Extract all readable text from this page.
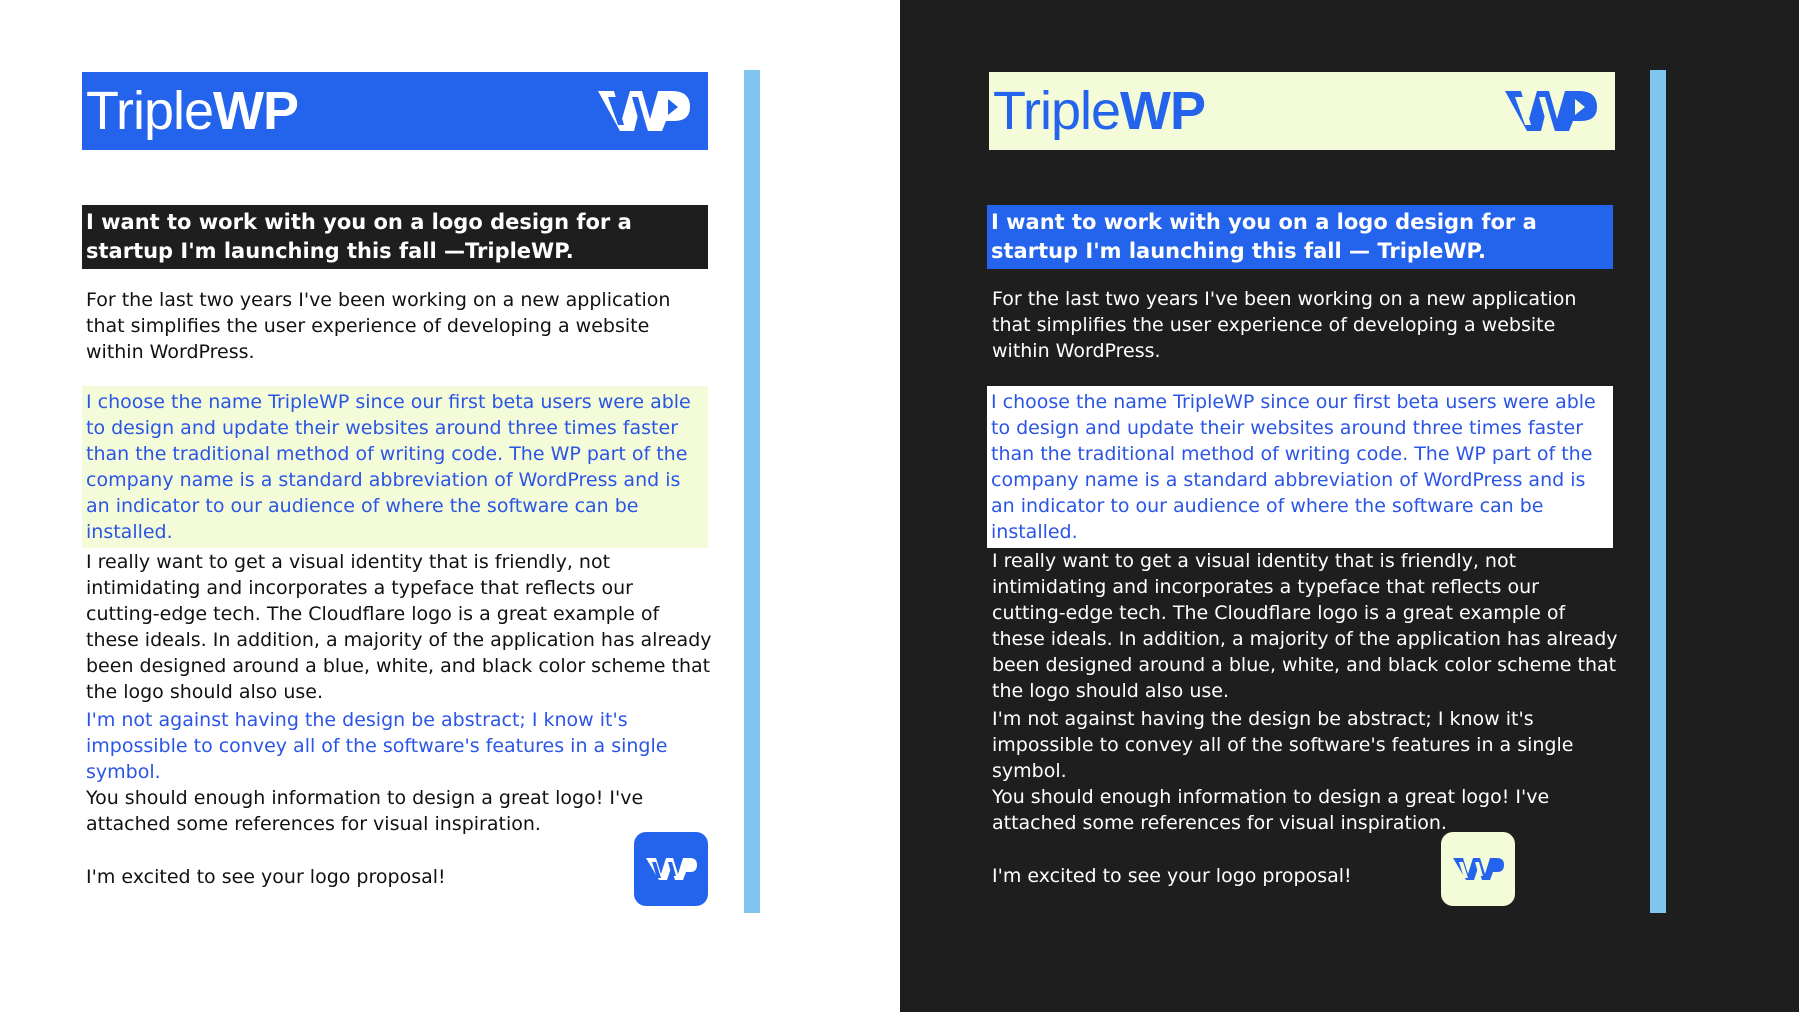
TripleWP
I want to work with you on a logo design for a startup I'm launching this fall —TripleWP.

For the last two years I've been working on a new application that simplifies the user experience of developing a website within WordPress.

I choose the name TripleWP since our first beta users were able to design and update their websites around three times faster than the traditional method of writing code. The WP part of the company name is a standard abbreviation of WordPress and is an indicator to our audience of where the software can be installed.

I really want to get a visual identity that is friendly, not intimidating and incorporates a typeface that reflects our cutting-edge tech. The Cloudflare logo is a great example of these ideals. In addition, a majority of the application has already been designed around a blue, white, and black color scheme that the logo should also use.

I'm not against having the design be abstract; I know it's impossible to convey all of the software's features in a single symbol.

You should enough information to design a great logo! I've attached some references for visual inspiration.

I'm excited to see your logo proposal!

TripleWP
I want to work with you on a logo design for a startup I'm launching this fall — TripleWP.

For the last two years I've been working on a new application that simplifies the user experience of developing a website within WordPress.

I choose the name TripleWP since our first beta users were able to design and update their websites around three times faster than the traditional method of writing code. The WP part of the company name is a standard abbreviation of WordPress and is an indicator to our audience of where the software can be installed.

I really want to get a visual identity that is friendly, not intimidating and incorporates a typeface that reflects our cutting-edge tech. The Cloudflare logo is a great example of these ideals. In addition, a majority of the application has already been designed around a blue, white, and black color scheme that the logo should also use.

I'm not against having the design be abstract; I know it's impossible to convey all of the software's features in a single symbol.

You should enough information to design a great logo! I've attached some references for visual inspiration.

I'm excited to see your logo proposal!
